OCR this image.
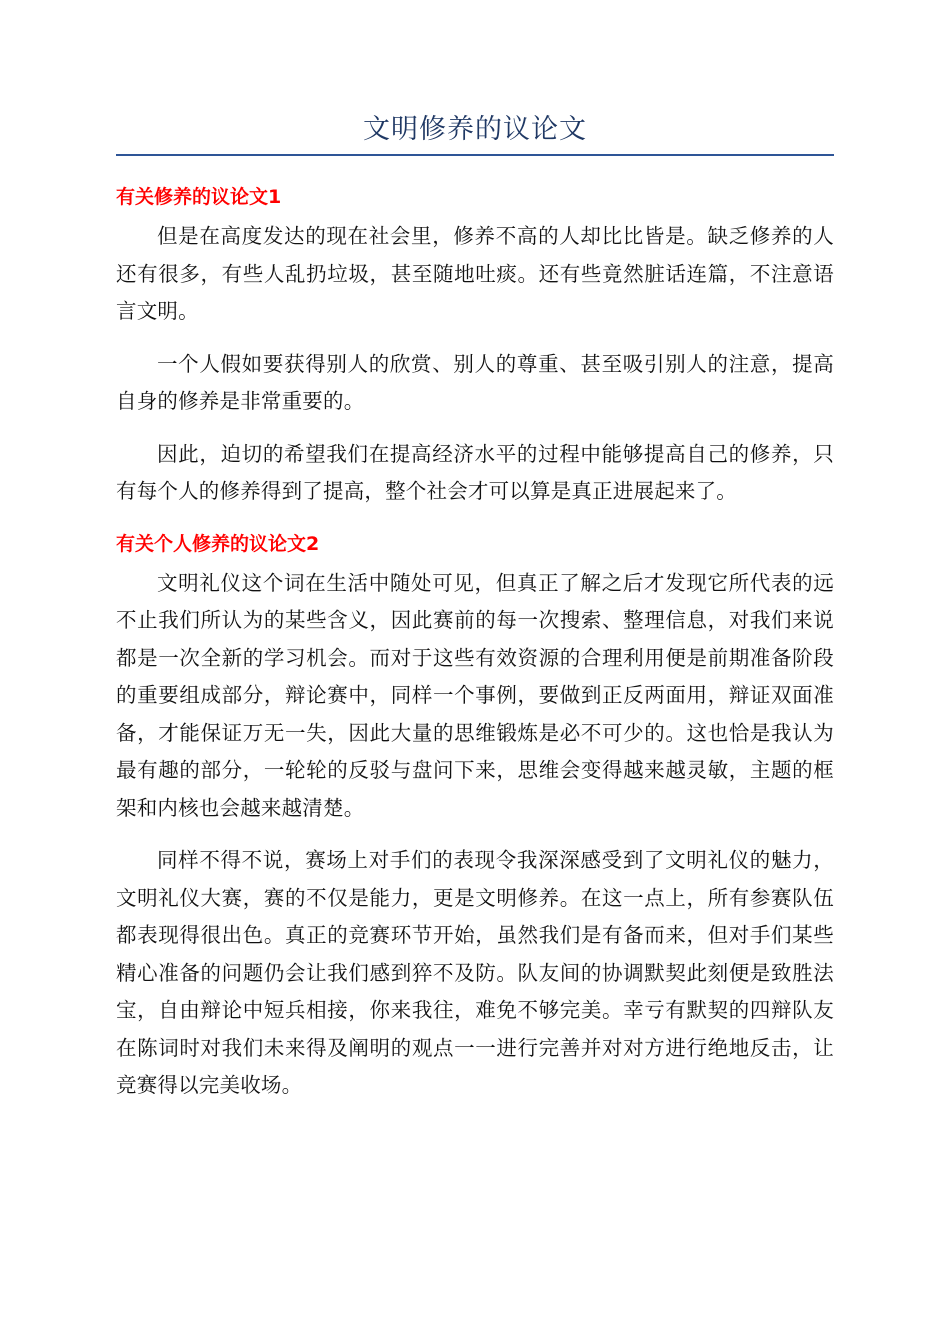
文明修养的议论文
有关修养的议论文1

但是在高度发达的现在社会里，修养不高的人却比比皆是。缺乏修养的人还有很多，有些人乱扔垃圾，甚至随地吐痰。还有些竟然脏话连篇，不注意语言文明。

一个人假如要获得别人的欣赏、别人的尊重、甚至吸引别人的注意，提高自身的修养是非常重要的。

因此，迫切的希望我们在提高经济水平的过程中能够提高自己的修养，只有每个人的修养得到了提高，整个社会才可以算是真正进展起来了。

有关个人修养的议论文2

文明礼仪这个词在生活中随处可见，但真正了解之后才发现它所代表的远不止我们所认为的某些含义，因此赛前的每一次搜索、整理信息，对我们来说都是一次全新的学习机会。而对于这些有效资源的合理利用便是前期准备阶段的重要组成部分，辩论赛中，同样一个事例，要做到正反两面用，辩证双面准备，才能保证万无一失，因此大量的思维锻炼是必不可少的。这也恰是我认为最有趣的部分，一轮轮的反驳与盘问下来，思维会变得越来越灵敏，主题的框架和内核也会越来越清楚。

同样不得不说，赛场上对手们的表现令我深深感受到了文明礼仪的魅力，文明礼仪大赛，赛的不仅是能力，更是文明修养。在这一点上，所有参赛队伍都表现得很出色。真正的竞赛环节开始，虽然我们是有备而来，但对手们某些精心准备的问题仍会让我们感到猝不及防。队友间的协调默契此刻便是致胜法宝，自由辩论中短兵相接，你来我往，难免不够完美。幸亏有默契的四辩队友在陈词时对我们未来得及阐明的观点一一进行完善并对对方进行绝地反击，让竞赛得以完美收场。
